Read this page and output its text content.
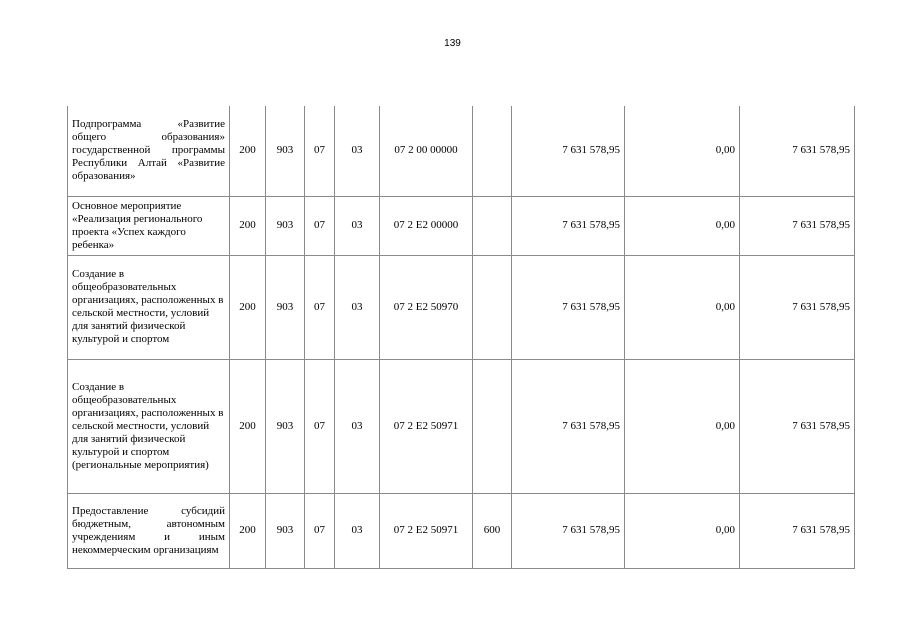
139
Подпрограмма «Развитие общего образования» государственной программы Республики Алтай «Развитие образования»	200	903	07	03	07 2 00 00000		7 631 578,95	0,00	7 631 578,95
Основное мероприятие «Реализация регионального проекта «Успех каждого ребенка»	200	903	07	03	07 2 E2 00000		7 631 578,95	0,00	7 631 578,95
Создание в общеобразовательных организациях, расположенных в сельской местности, условий для занятий физической культурой и спортом	200	903	07	03	07 2 E2 50970		7 631 578,95	0,00	7 631 578,95
Создание в общеобразовательных организациях, расположенных в сельской местности, условий для занятий физической культурой и спортом (региональные мероприятия)	200	903	07	03	07 2 E2 50971		7 631 578,95	0,00	7 631 578,95
Предоставление субсидий бюджетным, автономным учреждениям и иным некоммерческим организациям	200	903	07	03	07 2 E2 50971	600	7 631 578,95	0,00	7 631 578,95
